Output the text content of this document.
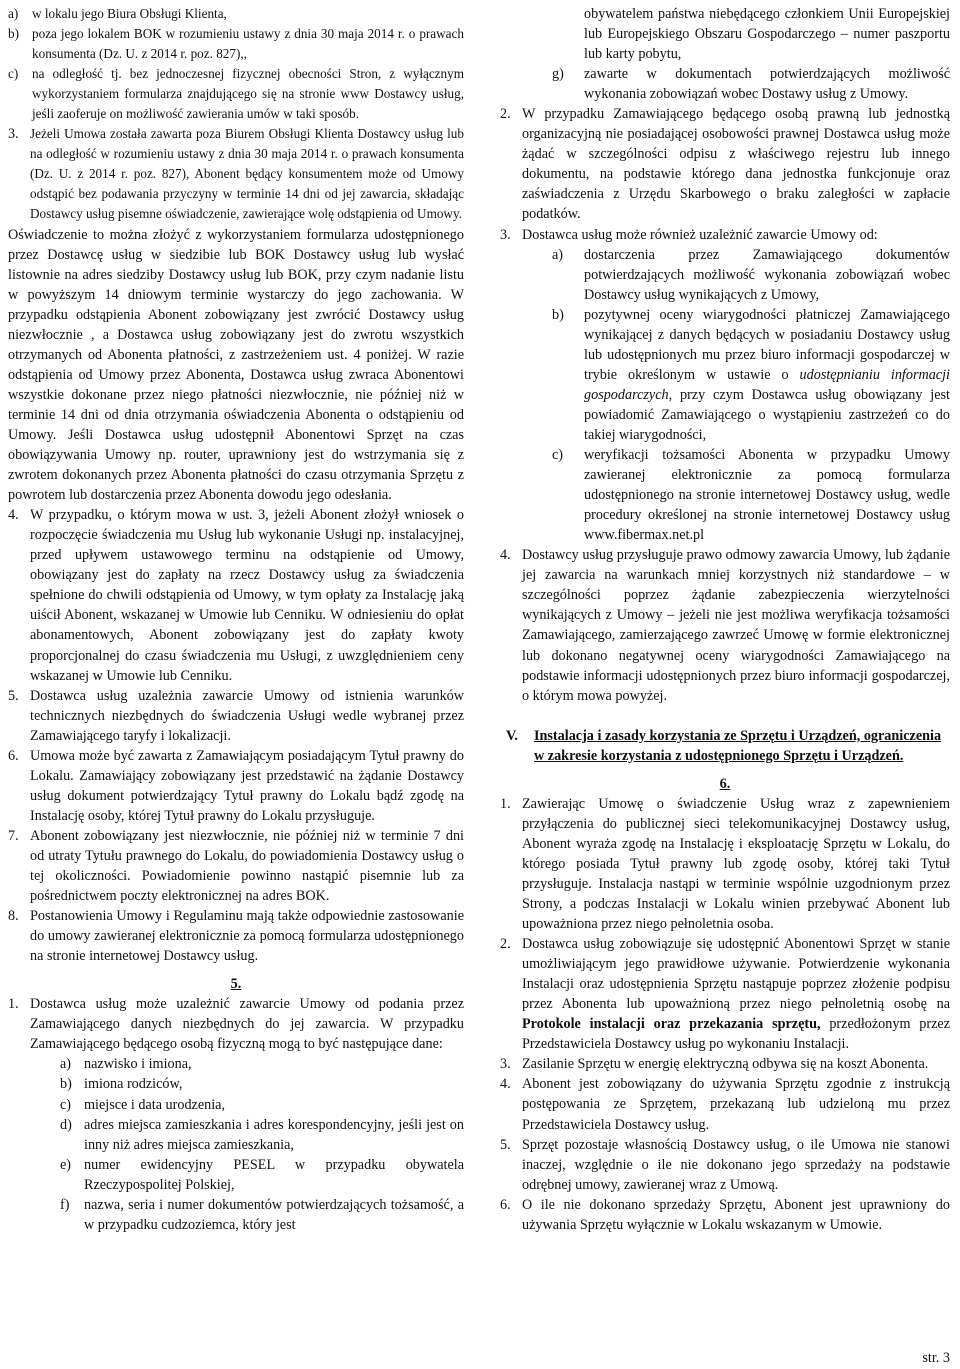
a) w lokalu jego Biura Obsługi Klienta,
b) poza jego lokalem BOK w rozumieniu ustawy z dnia 30 maja 2014 r. o prawach konsumenta (Dz. U. z 2014 r. poz. 827),,
c) na odległość tj. bez jednoczesnej fizycznej obecności Stron, z wyłącznym wykorzystaniem formularza znajdującego się na stronie www Dostawcy usług, jeśli zaoferuje on możliwość zawierania umów w taki sposób.
3. Jeżeli Umowa została zawarta poza Biurem Obsługi Klienta Dostawcy usług lub na odległość w rozumieniu ustawy z dnia 30 maja 2014 r. o prawach konsumenta (Dz. U. z 2014 r. poz. 827), Abonent będący konsumentem może od Umowy odstąpić bez podawania przyczyny w terminie 14 dni od jej zawarcia, składając Dostawcy usług pisemne oświadczenie, zawierające wolę odstąpienia od Umowy.
Oświadczenie to można złożyć z wykorzystaniem formularza udostępnionego przez Dostawcę usług w siedzibie lub BOK Dostawcy usług lub wysłać listownie na adres siedziby Dostawcy usług lub BOK, przy czym nadanie listu w powyższym 14 dniowym terminie wystarczy do jego zachowania. W przypadku odstąpienia Abonent zobowiązany jest zwrócić Dostawcy usług niezwłocznie , a Dostawca usług zobowiązany jest do zwrotu wszystkich otrzymanych od Abonenta płatności, z zastrzeżeniem ust. 4 poniżej. W razie odstąpienia od Umowy przez Abonenta, Dostawca usług zwraca Abonentowi wszystkie dokonane przez niego płatności niezwłocznie, nie później niż w terminie 14 dni od dnia otrzymania oświadczenia Abonenta o odstąpieniu od Umowy. Jeśli Dostawca usług udostępnił Abonentowi Sprzęt na czas obowiązywania Umowy np. router, uprawniony jest do wstrzymania się z zwrotem dokonanych przez Abonenta płatności do czasu otrzymania Sprzętu z powrotem lub dostarczenia przez Abonenta dowodu jego odesłania.
4. W przypadku, o którym mowa w ust. 3, jeżeli Abonent złożył wniosek o rozpoczęcie świadczenia mu Usług lub wykonanie Usługi np. instalacyjnej, przed upływem ustawowego terminu na odstąpienie od Umowy, obowiązany jest do zapłaty na rzecz Dostawcy usług za świadczenia spełnione do chwili odstąpienia od Umowy, w tym opłaty za Instalację jaką uiścił Abonent, wskazanej w Umowie lub Cenniku. W odniesieniu do opłat abonamentowych, Abonent zobowiązany jest do zapłaty kwoty proporcjonalnej do czasu świadczenia mu Usługi, z uwzględnieniem ceny wskazanej w Umowie lub Cenniku.
5. Dostawca usług uzależnia zawarcie Umowy od istnienia warunków technicznych niezbędnych do świadczenia Usługi wedle wybranej przez Zamawiającego taryfy i lokalizacji.
6. Umowa może być zawarta z Zamawiającym posiadającym Tytuł prawny do Lokalu. Zamawiający zobowiązany jest przedstawić na żądanie Dostawcy usług dokument potwierdzający Tytuł prawny do Lokalu bądź zgodę na Instalację osoby, której Tytuł prawny do Lokalu przysługuje.
7. Abonent zobowiązany jest niezwłocznie, nie później niż w terminie 7 dni od utraty Tytułu prawnego do Lokalu, do powiadomienia Dostawcy usług o tej okoliczności. Powiadomienie powinno nastąpić pisemnie lub za pośrednictwem poczty elektronicznej na adres BOK.
8. Postanowienia Umowy i Regulaminu mają także odpowiednie zastosowanie do umowy zawieranej elektronicznie za pomocą formularza udostępnionego na stronie internetowej Dostawcy usług.
5.
1. Dostawca usług może uzależnić zawarcie Umowy od podania przez Zamawiającego danych niezbędnych do jej zawarcia. W przypadku Zamawiającego będącego osobą fizyczną mogą to być następujące dane:
a) nazwisko i imiona,
b) imiona rodziców,
c) miejsce i data urodzenia,
d) adres miejsca zamieszkania i adres korespondencyjny, jeśli jest on inny niż adres miejsca zamieszkania,
e) numer ewidencyjny PESEL w przypadku obywatela Rzeczypospolitej Polskiej,
f) nazwa, seria i numer dokumentów potwierdzających tożsamość, a w przypadku cudzoziemca, który jest
obywatelem państwa niebędącego członkiem Unii Europejskiej lub Europejskiego Obszaru Gospodarczego – numer paszportu lub karty pobytu,
g) zawarte w dokumentach potwierdzających możliwość wykonania zobowiązań wobec Dostawy usług z Umowy.
2. W przypadku Zamawiającego będącego osobą prawną lub jednostką organizacyjną nie posiadającej osobowości prawnej Dostawca usług może żądać w szczególności odpisu z właściwego rejestru lub innego dokumentu, na podstawie którego dana jednostka funkcjonuje oraz zaświadczenia z Urzędu Skarbowego o braku zaległości w zapłacie podatków.
3. Dostawca usług może również uzależnić zawarcie Umowy od:
a) dostarczenia przez Zamawiającego dokumentów potwierdzających możliwość wykonania zobowiązań wobec Dostawcy usług wynikających z Umowy,
b) pozytywnej oceny wiarygodności płatniczej Zamawiającego wynikającej z danych będących w posiadaniu Dostawcy usług lub udostępnionych mu przez biuro informacji gospodarczej w trybie określonym w ustawie o udostępnianiu informacji gospodarczych, przy czym Dostawca usług obowiązany jest powiadomić Zamawiającego o wystąpieniu zastrzeżeń co do takiej wiarygodności,
c) weryfikacji tożsamości Abonenta w przypadku Umowy zawieranej elektronicznie za pomocą formularza udostępnionego na stronie internetowej Dostawcy usług, wedle procedury określonej na stronie internetowej Dostawcy usług www.fibermax.net.pl
4. Dostawcy usług przysługuje prawo odmowy zawarcia Umowy, lub żądanie jej zawarcia na warunkach mniej korzystnych niż standardowe – w szczególności poprzez żądanie zabezpieczenia wierzytelności wynikających z Umowy – jeżeli nie jest możliwa weryfikacja tożsamości Zamawiającego, zamierzającego zawrzeć Umowę w formie elektronicznej lub dokonano negatywnej oceny wiarygodności Zamawiającego na podstawie informacji udostępnionych przez biuro informacji gospodarczej, o którym mowa powyżej.
V. Instalacja i zasady korzystania ze Sprzętu i Urządzeń, ograniczenia w zakresie korzystania z udostępnionego Sprzętu i Urządzeń.
6.
1. Zawierając Umowę o świadczenie Usług wraz z zapewnieniem przyłączenia do publicznej sieci telekomunikacyjnej Dostawcy usług, Abonent wyraża zgodę na Instalację i eksploatację Sprzętu w Lokalu, do którego posiada Tytuł prawny lub zgodę osoby, której taki Tytuł przysługuje. Instalacja nastąpi w terminie wspólnie uzgodnionym przez Strony, a podczas Instalacji w Lokalu winien przebywać Abonent lub upoważniona przez niego pełnoletnia osoba.
2. Dostawca usług zobowiązuje się udostępnić Abonentowi Sprzęt w stanie umożliwiającym jego prawidłowe używanie. Potwierdzenie wykonania Instalacji oraz udostępnienia Sprzętu nastąpuje poprzez złożenie podpisu przez Abonenta lub upoważnioną przez niego pełnoletnią osobę na Protokole instalacji oraz przekazania sprzętu, przedłożonym przez Przedstawiciela Dostawcy usług po wykonaniu Instalacji.
3. Zasilanie Sprzętu w energię elektryczną odbywa się na koszt Abonenta.
4. Abonent jest zobowiązany do używania Sprzętu zgodnie z instrukcją postępowania ze Sprzętem, przekazaną lub udzieloną mu przez Przedstawiciela Dostawcy usług.
5. Sprzęt pozostaje własnością Dostawcy usług, o ile Umowa nie stanowi inaczej, względnie o ile nie dokonano jego sprzedaży na podstawie odrębnej umowy, zawieranej wraz z Umową.
6. O ile nie dokonano sprzedaży Sprzętu, Abonent jest uprawniony do używania Sprzętu wyłącznie w Lokalu wskazanym w Umowie.
str. 3
